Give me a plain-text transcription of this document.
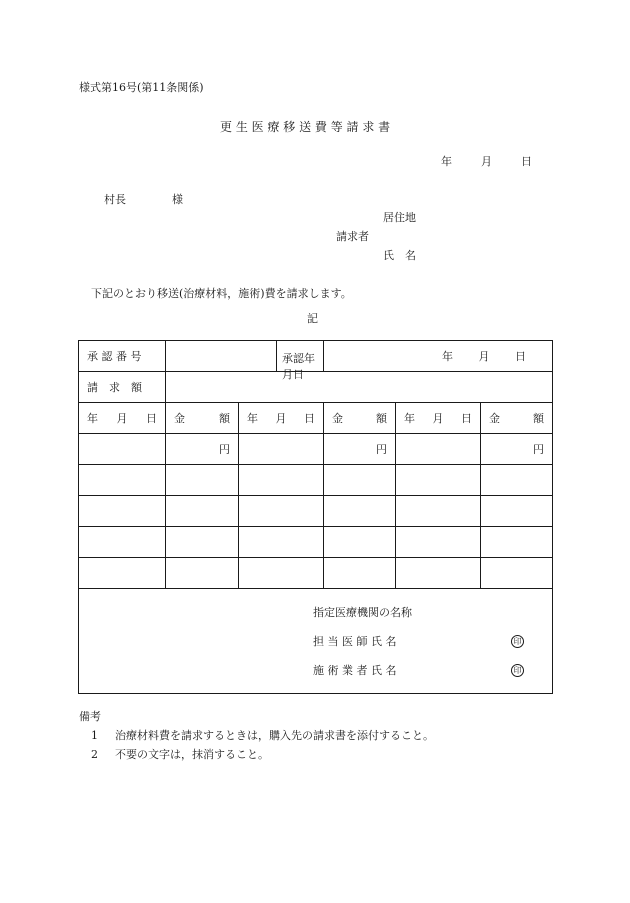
様式第16号(第11条関係)
更 生 医 療 移 送 費 等 請 求 書
年	月	日
村長	様
居住地
請求者
氏　名
下記のとおり移送(治療材料，施術)費を請求します。
記
承 認 番 号	承認年月日		年 月 日		

請　求　額					

年 月 日	金 額	年 月 日	金 額	年 月 日	金 額

	円		円		円

指定医療機関の名称
担 当 医 師 氏 名 印
施 術 業 者 氏 名 印					
備考
1 治療材料費を請求するときは，購入先の請求書を添付すること。
2 不要の文字は，抹消すること。
